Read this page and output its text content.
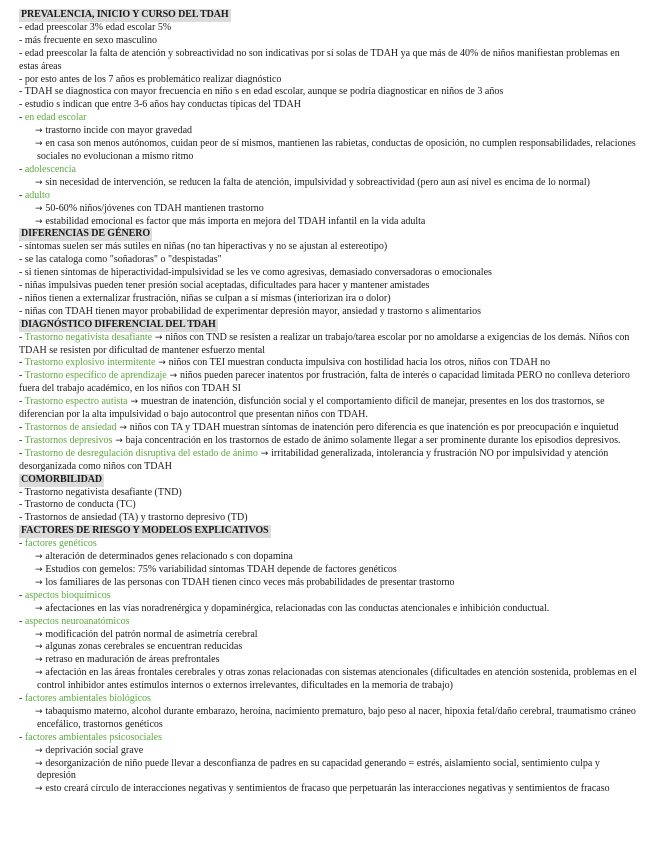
PREVALENCIA, INICIO Y CURSO DEL TDAH
- edad preescolar 3% edad escolar 5%
- más frecuente en sexo masculino
- edad preescolar la falta de atención y sobreactividad no son indicativas por sí solas de TDAH ya que más de 40% de niños manifiestan problemas en estas áreas
- por esto antes de los 7 años es problemático realizar diagnóstico
- TDAH se diagnostica con mayor frecuencia en niño s en edad escolar, aunque se podría diagnosticar en niños de 3 años
- estudio s indican que entre 3-6 años hay conductas típicas del TDAH
- en edad escolar
→ trastorno incide con mayor gravedad
→ en casa son menos autónomos, cuidan peor de sí mismos, mantienen las rabietas, conductas de oposición, no cumplen responsabilidades, relaciones sociales no evolucionan a mismo ritmo
- adolescencia
→ sin necesidad de intervención, se reducen la falta de atención, impulsividad y sobreactividad (pero aun así nivel es encima de lo normal)
- adulto
→ 50-60% niños/jóvenes con TDAH mantienen trastorno
→ estabilidad emocional es factor que más importa en mejora del TDAH infantil en la vida adulta
DIFERENCIAS DE GÉNERO
- síntomas suelen ser más sutiles en niñas (no tan hiperactivas y no se ajustan al estereotipo)
- se las cataloga como "soñadoras" o "despistadas"
- si tienen síntomas de hiperactividad-impulsividad se les ve como agresivas, demasiado conversadoras o emocionales
- niñas impulsivas pueden tener presión social aceptadas, dificultades para hacer y mantener amistades
- niños tienen a externalizar frustración, niñas se culpan a sí mismas (interiorizan ira o dolor)
- niñas con TDAH tienen mayor probabilidad de experimentar depresión mayor, ansiedad y trastorno s alimentarios
DIAGNÓSTICO DIFERENCIAL DEL TDAH
- Trastorno negativista desafiante → niños con TND se resisten a realizar un trabajo/tarea escolar por no amoldarse a exigencias de los demás. Niños con TDAH se resisten por dificultad de mantener esfuerzo mental
- Trastorno explosivo intermitente → niños con TEI muestran conducta impulsiva con hostilidad hacia los otros, niños con TDAH no
- Trastorno específico de aprendizaje → niños pueden parecer inatentos por frustración, falta de interés o capacidad limitada PERO no conlleva deterioro fuera del trabajo académico, en los niños con TDAH SI
- Trastorno espectro autista → muestran de inatención, disfunción social y el comportamiento difícil de manejar, presentes en los dos trastornos, se diferencian por la alta impulsividad o bajo autocontrol que presentan niños con TDAH.
- Trastornos de ansiedad → niños con TA y TDAH muestran síntomas de inatención pero diferencia es que inatención es por preocupación e inquietud
- Trastornos depresivos → baja concentración en los trastornos de estado de ánimo solamente llegar a ser prominente durante los episodios depresivos.
- Trastorno de desregulación disruptiva del estado de ánimo → irritabilidad generalizada, intolerancia y frustración NO por impulsividad y atención desorganizada como niños con TDAH
COMORBILIDAD
- Trastorno negativista desafiante (TND)
- Trastorno de conducta (TC)
- Trastornos de ansiedad (TA) y trastorno depresivo (TD)
FACTORES DE RIESGO Y MODELOS EXPLICATIVOS
- factores genéticos
→ alteración de determinados genes relacionado s con dopamina
→ Estudios con gemelos: 75% variabilidad síntomas TDAH depende de factores genéticos
→ los familiares de las personas con TDAH tienen cinco veces más probabilidades de presentar trastorno
- aspectos bioquímicos
→ afectaciones en las vías noradrenérgica y dopaminérgica, relacionadas con las conductas atencionales e inhibición conductual.
- aspectos neuroanatómicos
→ modificación del patrón normal de asimetría cerebral
→ algunas zonas cerebrales se encuentran reducidas
→ retraso en maduración de áreas prefrontales
→ afectación en las áreas frontales cerebrales y otras zonas relacionadas con sistemas atencionales (dificultades en atención sostenida, problemas en el control inhibidor antes estímulos internos o externos irrelevantes, dificultades en la memoria de trabajo)
- factores ambientales biológicos
→ tabaquismo materno, alcohol durante embarazo, heroína, nacimiento prematuro, bajo peso al nacer, hipoxia fetal/daño cerebral, traumatismo cráneo encefálico, trastornos genéticos
- factores ambientales psicosociales
→ deprivación social grave
→ desorganización de niño puede llevar a desconfianza de padres en su capacidad generando = estrés, aislamiento social, sentimiento culpa y depresión
→ esto creará círculo de interacciones negativas y sentimientos de fracaso que perpetuarán las interacciones negativas y sentimientos de fracaso
